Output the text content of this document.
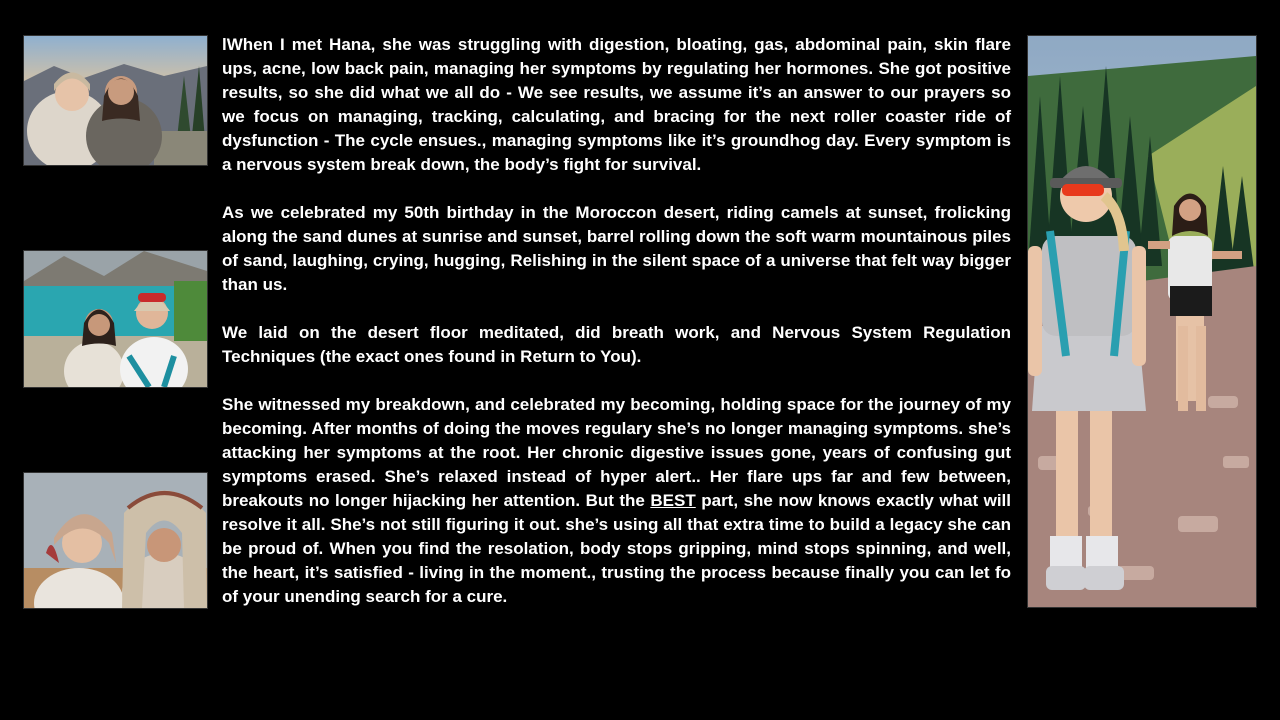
lWhen I met Hana, she was struggling with digestion, bloating, gas, abdominal pain, skin flare ups, acne, low back pain, managing her symptoms by regulating her hormones. She got positive results, so she did what we all do - We see results, we assume it’s an answer to our prayers so we focus on managing, tracking, calculating, and bracing for the next roller coaster ride of dysfunction - The cycle ensues., managing symptoms like it’s groundhog day. Every symptom is a nervous system break down, the body’s fight for survival.

As we celebrated my 50th birthday in the Moroccon desert, riding camels at sunset, frolicking along the sand dunes at sunrise and sunset, barrel rolling down the soft warm mountainous piles of sand, laughing, crying, hugging, Relishing in the silent space of a universe that felt way bigger than us.

We laid on the desert floor meditated, did breath work, and Nervous System Regulation Techniques (the exact ones found in Return to You).

She witnessed my breakdown, and celebrated my becoming, holding space for the journey of my becoming. After months of doing the moves regulary she’s no longer managing symptoms. she’s attacking her symptoms at the root. Her chronic digestive issues gone, years of confusing gut symptoms erased. She’s relaxed instead of hyper alert.. Her flare ups far and few between, breakouts no longer hijacking her attention. But the BEST part, she now knows exactly what will resolve it all. She’s not still figuring it out. she’s using all that extra time to build a legacy she can be proud of. When you find the resolation, body stops gripping, mind stops spinning, and well, the heart, it’s satisfied - living in the moment., trusting the process because finally you can let fo of your unending search for a cure.
